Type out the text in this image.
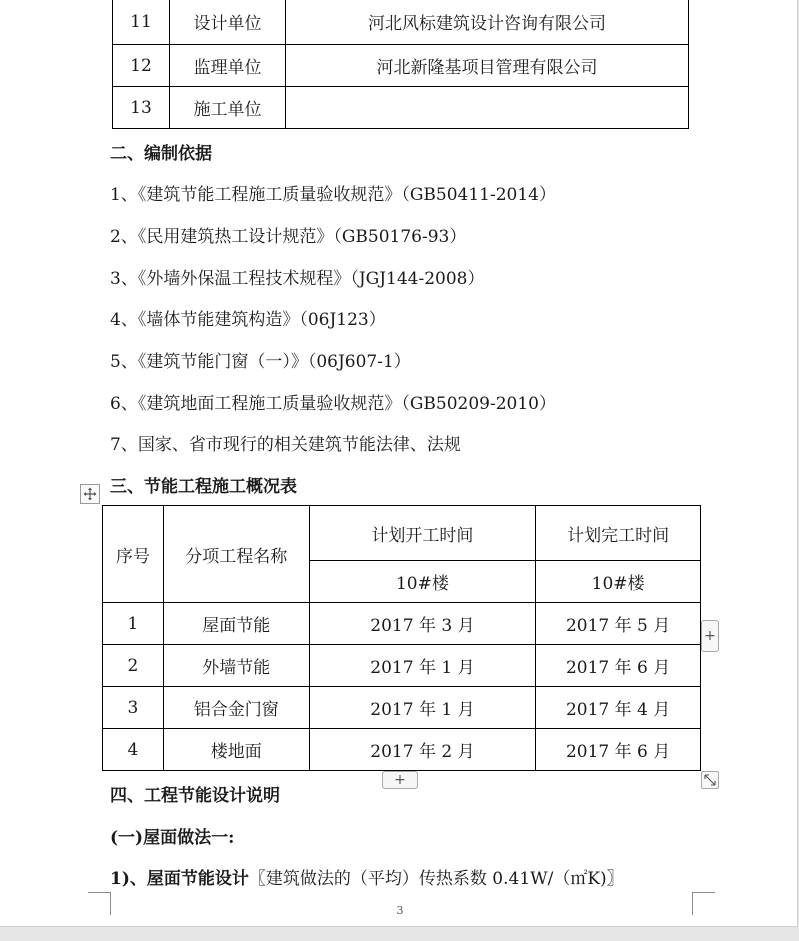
11	设计单位	河北风标建筑设计咨询有限公司
12	监理单位	河北新隆基项目管理有限公司
13	施工单位	
二、编制依据
1、《建筑节能工程施工质量验收规范》（GB50411-2014）
2、《民用建筑热工设计规范》（GB50176-93）
3、《外墙外保温工程技术规程》（JGJ144-2008）
4、《墙体节能建筑构造》（06J123）
5、《建筑节能门窗（一）》（06J607-1）
6、《建筑地面工程施工质量验收规范》（GB50209-2010）
7、国家、省市现行的相关建筑节能法律、法规
三、节能工程施工概况表
序号	分项工程名称	计划开工时间	计划完工时间
		10#楼	10#楼
1	屋面节能	2017 年 3 月	2017 年 5 月
2	外墙节能	2017 年 1 月	2017 年 6 月
3	铝合金门窗	2017 年 1 月	2017 年 4 月
4	楼地面	2017 年 2 月	2017 年 6 月
+
+
四、工程节能设计说明
(一)屋面做法一:
1)、屋面节能设计〖建筑做法的（平均）传热系数 0.41W/（㎡K)〗
3
